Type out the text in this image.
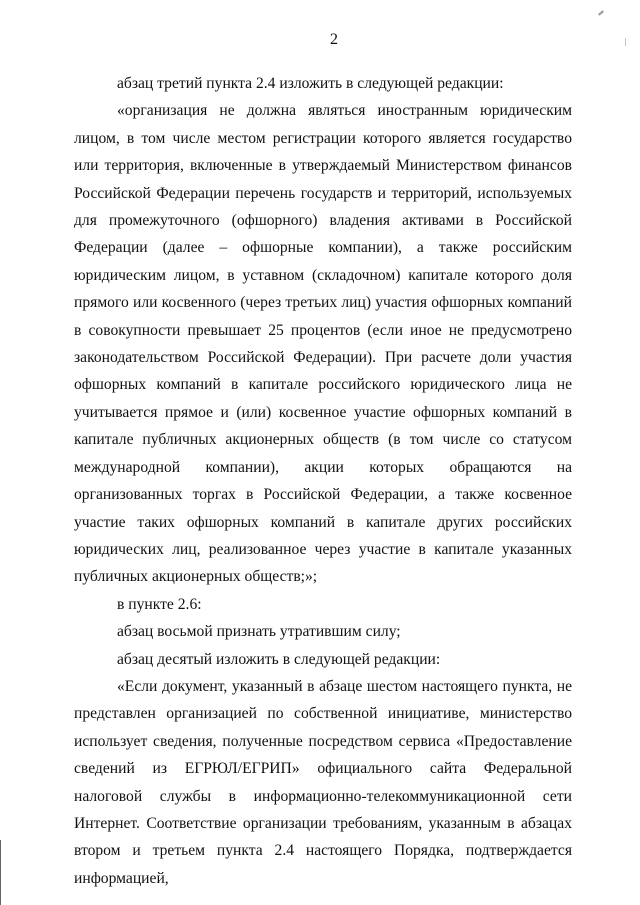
2

абзац третий пункта 2.4 изложить в следующей редакции:

«организация не должна являться иностранным юридическим лицом, в том числе местом регистрации которого является государство или территория, включенные в утверждаемый Министерством финансов Российской Федерации перечень государств и территорий, используемых для промежуточного (офшорного) владения активами в Российской Федерации (далее – офшорные компании), а также российским юридическим лицом, в уставном (складочном) капитале которого доля прямого или косвенного (через третьих лиц) участия офшорных компаний в совокупности превышает 25 процентов (если иное не предусмотрено законодательством Российской Федерации). При расчете доли участия офшорных компаний в капитале российского юридического лица не учитывается прямое и (или) косвенное участие офшорных компаний в капитале публичных акционерных обществ (в том числе со статусом международной компании), акции которых обращаются на организованных торгах в Российской Федерации, а также косвенное участие таких офшорных компаний в капитале других российских юридических лиц, реализованное через участие в капитале указанных публичных акционерных обществ;»;

в пункте 2.6:

абзац восьмой признать утратившим силу;

абзац десятый изложить в следующей редакции:

«Если документ, указанный в абзаце шестом настоящего пункта, не представлен организацией по собственной инициативе, министерство использует сведения, полученные посредством сервиса «Предоставление сведений из ЕГРЮЛ/ЕГРИП» официального сайта Федеральной налоговой службы в информационно-телекоммуникационной сети Интернет. Соответствие организации требованиям, указанным в абзацах втором и третьем пункта 2.4 настоящего Порядка, подтверждается информацией,
